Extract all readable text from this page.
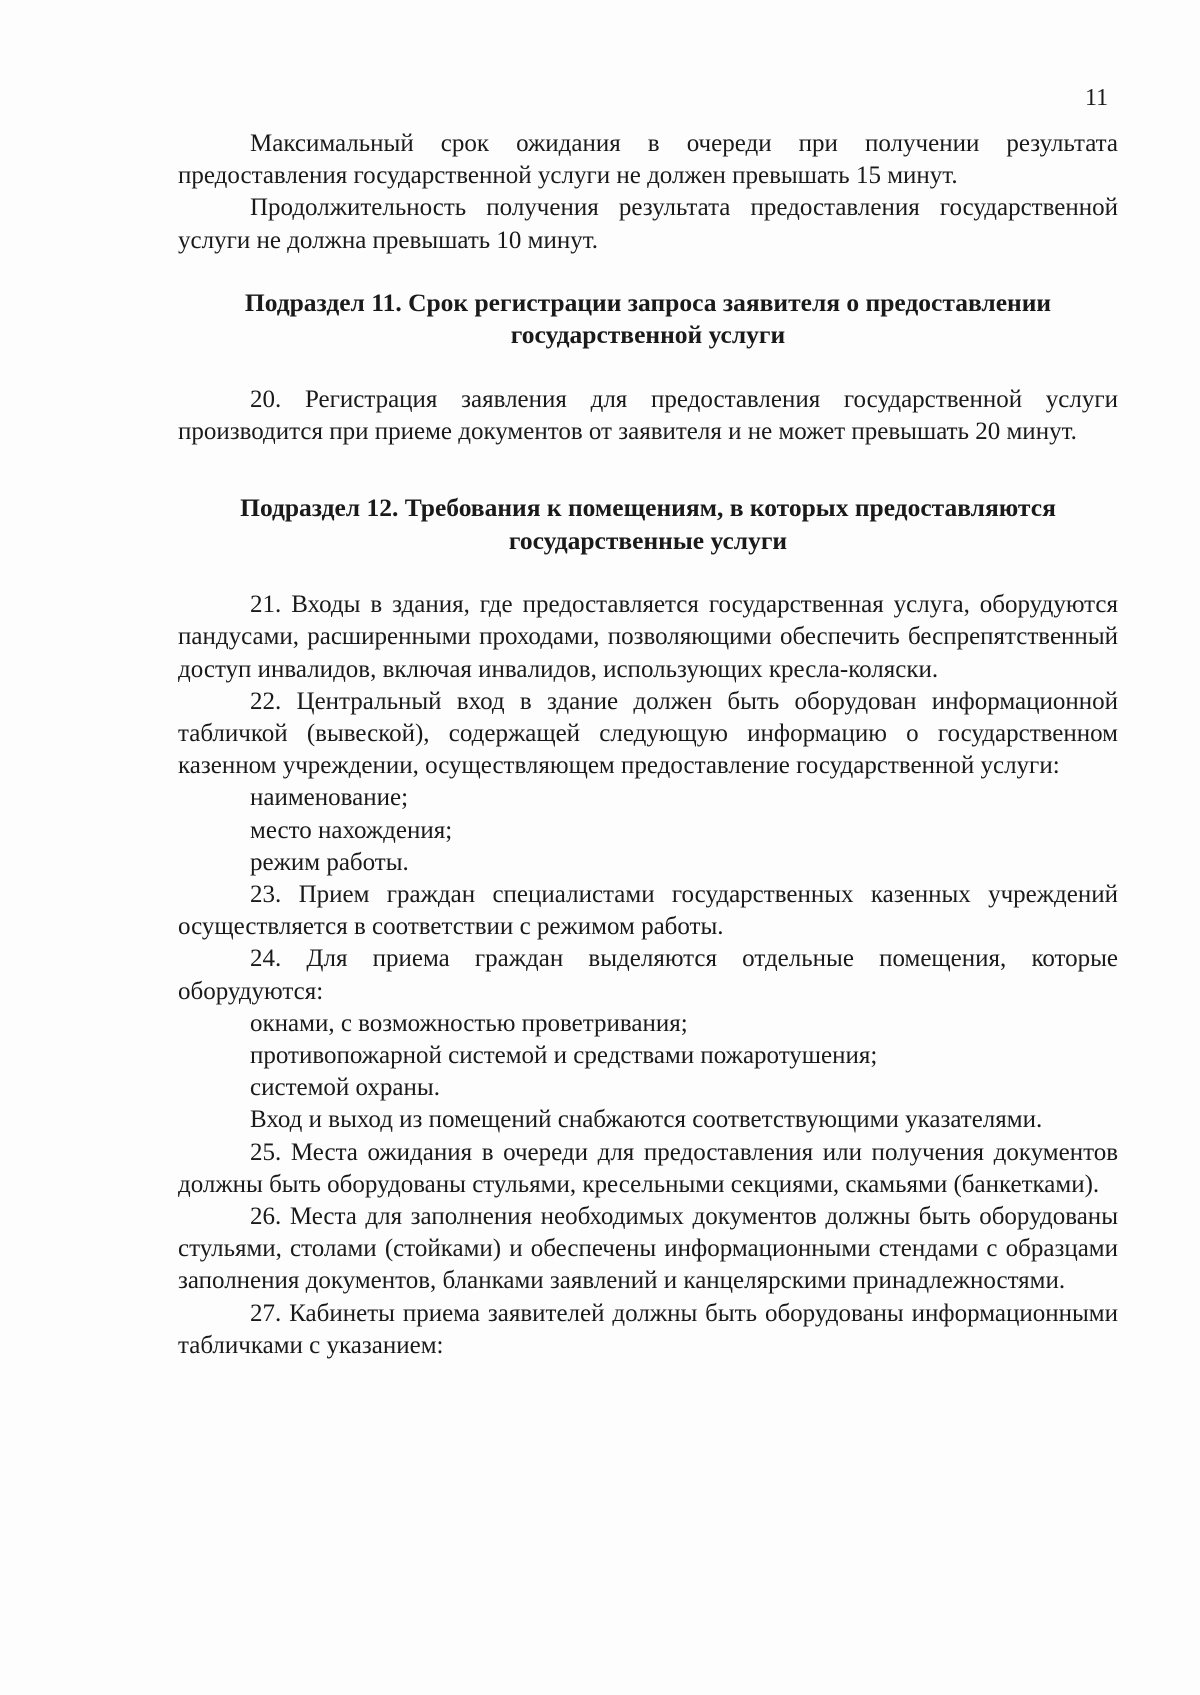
11

Максимальный срок ожидания в очереди при получении результата предоставления государственной услуги не должен превышать 15 минут.

Продолжительность получения результата предоставления государственной услуги не должна превышать 10 минут.

Подраздел 11. Срок регистрации запроса заявителя о предоставлении

государственной услуги

20. Регистрация заявления для предоставления государственной услуги производится при приеме документов от заявителя и не может превышать 20 минут.

Подраздел 12. Требования к помещениям, в которых предоставляются

государственные услуги

21. Входы в здания, где предоставляется государственная услуга, оборудуются пандусами, расширенными проходами, позволяющими обеспечить беспрепятственный доступ инвалидов, включая инвалидов, использующих кресла-коляски.

22. Центральный вход в здание должен быть оборудован информационной табличкой (вывеской), содержащей следующую информацию о государственном казенном учреждении, осуществляющем предоставление государственной услуги:

наименование;

место нахождения;

режим работы.

23. Прием граждан специалистами государственных казенных учреждений осуществляется в соответствии с режимом работы.

24. Для приема граждан выделяются отдельные помещения, которые оборудуются:

окнами, с возможностью проветривания;

противопожарной системой и средствами пожаротушения;

системой охраны.

Вход и выход из помещений снабжаются соответствующими указателями.

25. Места ожидания в очереди для предоставления или получения документов должны быть оборудованы стульями, кресельными секциями, скамьями (банкетками).

26. Места для заполнения необходимых документов должны быть оборудованы стульями, столами (стойками) и обеспечены информационными стендами с образцами заполнения документов, бланками заявлений и канцелярскими принадлежностями.

27. Кабинеты приема заявителей должны быть оборудованы информационными табличками с указанием:
